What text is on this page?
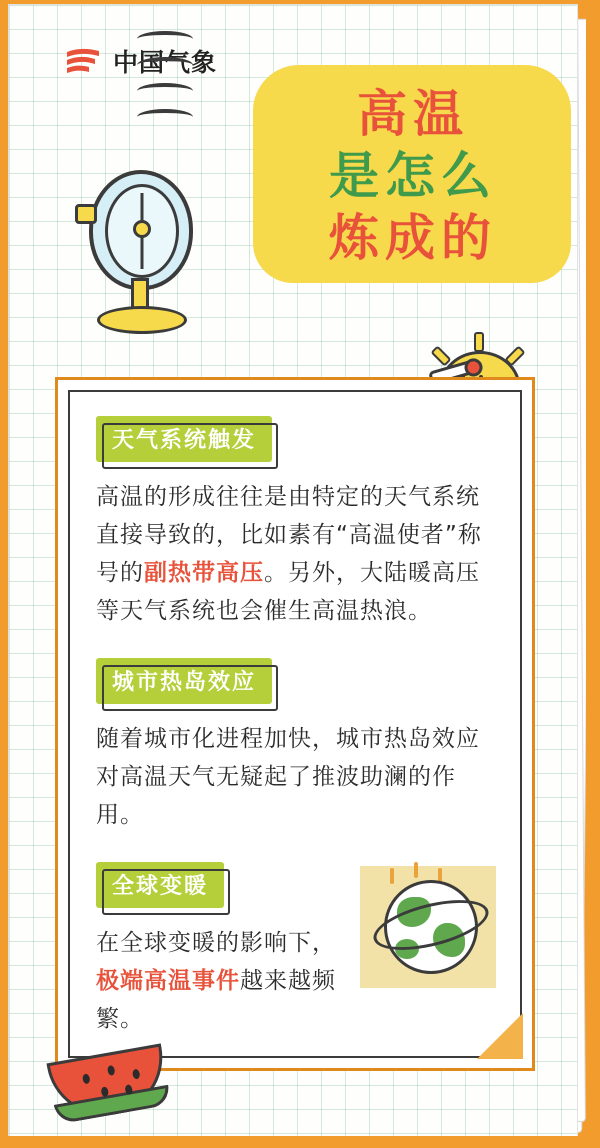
中国气象
高温
是怎么
炼成的
天气系统触发

高温的形成往往是由特定的天气系统直接导致的，比如素有“高温使者”称号的副热带高压。另外，大陆暖高压等天气系统也会催生高温热浪。

城市热岛效应

随着城市化进程加快，城市热岛效应对高温天气无疑起了推波助澜的作用。

全球变暖

在全球变暖的影响下，极端高温事件越来越频繁。
